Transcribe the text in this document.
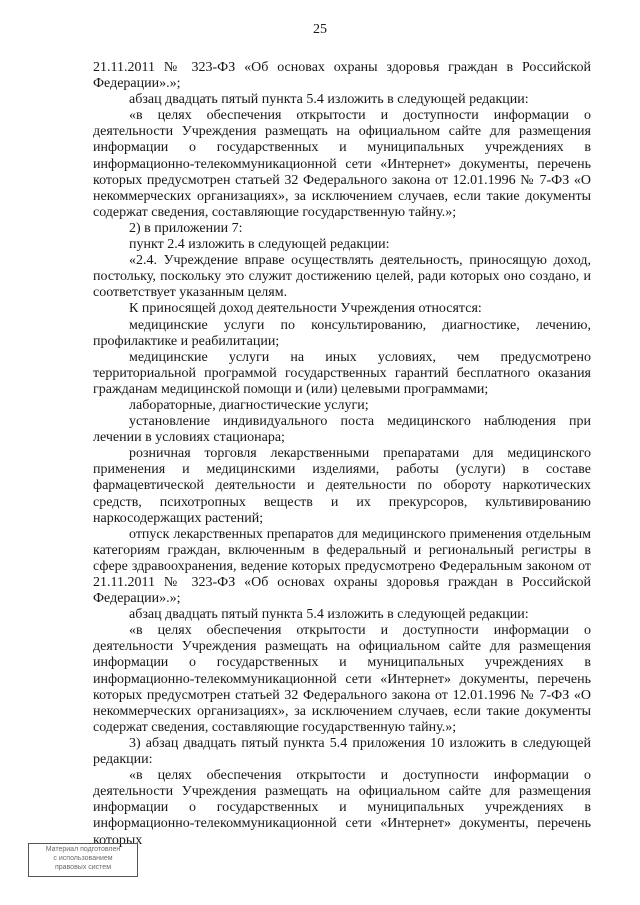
25

21.11.2011 № 323-ФЗ «Об основах охраны здоровья граждан в Российской Федерации».»;

абзац двадцать пятый пункта 5.4 изложить в следующей редакции:

«в целях обеспечения открытости и доступности информации о деятельности Учреждения размещать на официальном сайте для размещения информации о государственных и муниципальных учреждениях в информационно-телекоммуникационной сети «Интернет» документы, перечень которых предусмотрен статьей 32 Федерального закона от 12.01.1996 № 7-ФЗ «О некоммерческих организациях», за исключением случаев, если такие документы содержат сведения, составляющие государственную тайну.»;

2) в приложении 7:

пункт 2.4 изложить в следующей редакции:

«2.4. Учреждение вправе осуществлять деятельность, приносящую доход, постольку, поскольку это служит достижению целей, ради которых оно создано, и соответствует указанным целям.

К приносящей доход деятельности Учреждения относятся:

медицинские услуги по консультированию, диагностике, лечению, профилактике и реабилитации;

медицинские услуги на иных условиях, чем предусмотрено территориальной программой государственных гарантий бесплатного оказания гражданам медицинской помощи и (или) целевыми программами;

лабораторные, диагностические услуги;

установление индивидуального поста медицинского наблюдения при лечении в условиях стационара;

розничная торговля лекарственными препаратами для медицинского применения и медицинскими изделиями, работы (услуги) в составе фармацевтической деятельности и деятельности по обороту наркотических средств, психотропных веществ и их прекурсоров, культивированию наркосодержащих растений;

отпуск лекарственных препаратов для медицинского применения отдельным категориям граждан, включенным в федеральный и региональный регистры в сфере здравоохранения, ведение которых предусмотрено Федеральным законом от 21.11.2011 № 323-ФЗ «Об основах охраны здоровья граждан в Российской Федерации».»;

абзац двадцать пятый пункта 5.4 изложить в следующей редакции:

«в целях обеспечения открытости и доступности информации о деятельности Учреждения размещать на официальном сайте для размещения информации о государственных и муниципальных учреждениях в информационно-телекоммуникационной сети «Интернет» документы, перечень которых предусмотрен статьей 32 Федерального закона от 12.01.1996 № 7-ФЗ «О некоммерческих организациях», за исключением случаев, если такие документы содержат сведения, составляющие государственную тайну.»;

3) абзац двадцать пятый пункта 5.4 приложения 10 изложить в следующей редакции:

«в целях обеспечения открытости и доступности информации о деятельности Учреждения размещать на официальном сайте для размещения информации о государственных и муниципальных учреждениях в информационно-телекоммуникационной сети «Интернет» документы, перечень которых

Материал подготовлен
с использованием
правовых систем
